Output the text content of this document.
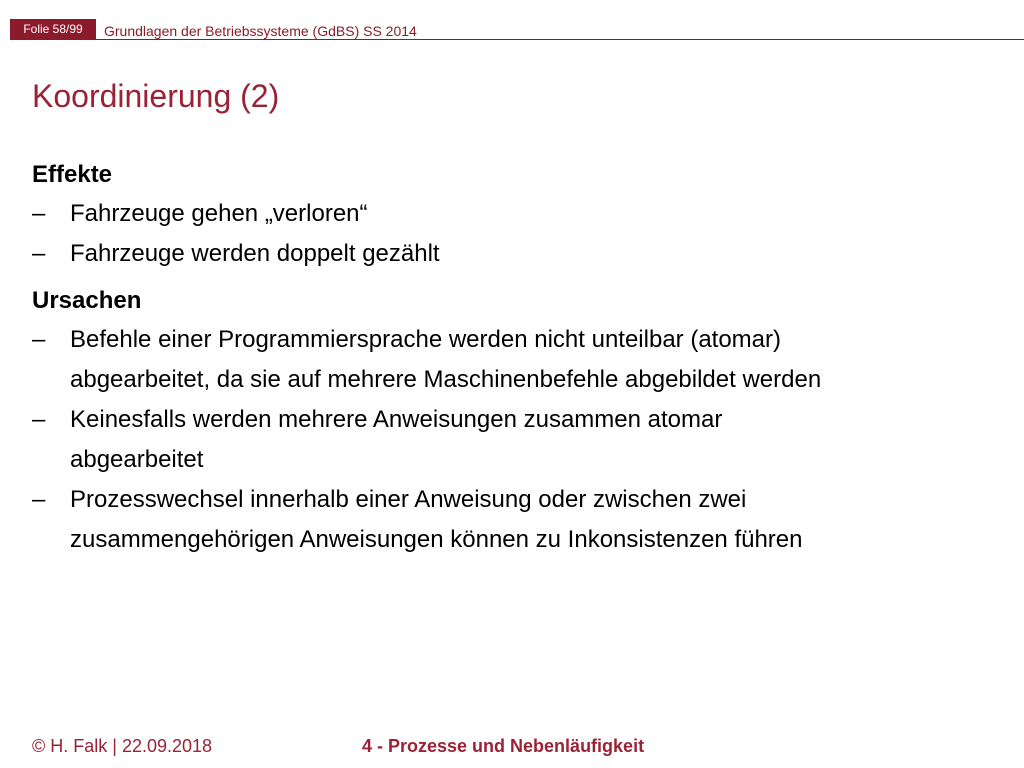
Folie 58/99	Grundlagen der Betriebssysteme (GdBS) SS 2014
Koordinierung (2)
Effekte
– Fahrzeuge gehen „verloren“
– Fahrzeuge werden doppelt gezählt
Ursachen
– Befehle einer Programmiersprache werden nicht unteilbar (atomar)
abgearbeitet, da sie auf mehrere Maschinenbefehle abgebildet werden
– Keinesfalls werden mehrere Anweisungen zusammen atomar
abgearbeitet
– Prozesswechsel innerhalb einer Anweisung oder zwischen zwei
zusammengehörigen Anweisungen können zu Inkonsistenzen führen
© H. Falk | 22.09.2018	4 - Prozesse und Nebenläufigkeit
